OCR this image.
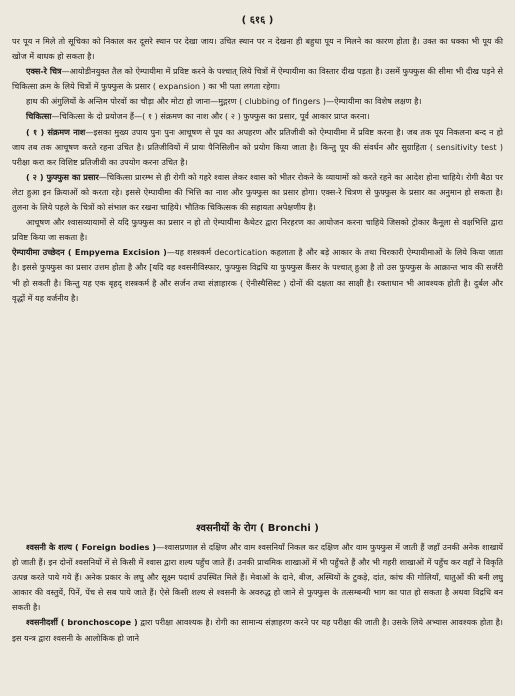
( ६१६ )

पर पूय न मिले तो सूचिका को निकाल कर दूसरे स्थान पर देखा जाय। उचित स्थान पर न देखना ही बहुधा पूय न मिलने का कारण होता है। उक्त का धक्का भी पूय की खोज में बाधक हो सकता है।

एक्स-रे चित्र—आयोडीनयुक्त तैल को ऐम्पायीमा में प्रविष्ट करने के पश्चात् लिये चित्रों में ऐम्पायीमा का विस्तार दीख पड़ता है। उसमें फुफ्फुस की सीमा भी दीख पड़ने से चिकित्सा क्रम के लिये चित्रों में फुफ्फुस के प्रसार ( expansion ) का भी पता लगता रहेगा।

हाथ की अंगुलियों के अन्तिम पोरवों का चौड़ा और मोटा हो जाना—मुद्गरण ( clubbing of fingers )—ऐम्पायीमा का विशेष लक्षण है।

चिकित्सा—चिकित्सा के दो प्रयोजन हैं—( १ ) संक्रमण का नाश और ( २ ) फुफ्फुस का प्रसार, पूर्व आकार प्राप्त करना।

( १ ) संक्रमण नाश—इसका मुख्य उपाय पुनः पुनः आचूषण से पूय का अपहरण और प्रतिजीवी को ऐम्पायीमा में प्रविष्ट करना है। जब तक पूय निकलना बन्द न हो जाय तब तक आचूषण करते रहना उचित है। प्रतिजीवियों में प्रायः पैनिसिलीन को प्रयोग किया जाता है। किन्तु पूय की संवर्धन और सुग्राहिता ( sensitivity test ) परीक्षा करा कर विशिष्ट प्रतिजीवी का उपयोग करना उचित है।

( २ ) फुफ्फुस का प्रसार—चिकित्सा प्रारम्भ से ही रोगी को गहरे श्वास लेकर श्वास को भीतर रोकने के व्यायामों को करते रहने का आदेश होना चाहिये। रोगी बैठा पर लेटा हुआ इन क्रियाओं को करता रहे। इससे ऐम्पायीमा की भित्ति का नाश और फुफ्फुस का प्रसार होगा। एक्स-रे चित्रण से फुफ्फुस के प्रसार का अनुमान हो सकता है। तुलना के लिये पहले के चित्रों को संभाल कर रखना चाहिये। भौतिक चिकित्सक की सहायता अपेक्षणीय है।

आचूषण और श्वासव्यायामों से यदि फुफ्फुस का प्रसार न हो तो ऐम्पायीमा कैथेटर द्वारा निरहरण का आयोजन करना चाहिये जिसको ट्रोकार कैनूला से वक्षभित्ति द्वारा प्रविष्ट किया जा सकता है।

ऐम्पायीमा उच्छेदन ( Empyema Excision )—यह शस्त्रकर्म decortication कहलाता है और बड़े आकार के तथा चिरकारी ऐम्पायीमाओं के लिये किया जाता है। इससे फुफ्फुस का प्रसार उत्तम होता है और [यदि वह श्वसनीविस्फार, फुफ्फुस विद्रधि या फुफ्फुस कैंसर के पश्चात् हुआ है तो उस फुफ्फुस के आक्रान्त भाव की सर्जरी भी हो सकती है। किन्तु यह एक बृहद् शस्त्रकर्म है और सर्जन तथा संज्ञाहारक ( ऐनीस्थैसिस्ट ) दोनों की दक्षता का साक्षी है। रक्ताधान भी आवश्यक होती है। दुर्बल और वृद्धों में यह वर्जनीय है।

श्वसनीयों के रोग ( Bronchi )

श्वसनी के शल्य ( Foreign bodies )—श्वासप्रणाल से दक्षिण और वाम श्वसनियाँ निकल कर दक्षिण और वाम फुफ्फुस में जाती हैं जहाँ उनकी अनेक शाखायें हो जाती हैं। इन दोनों श्वसनियों में से किसी में श्वास द्वारा शल्य पहुँच जाते हैं। उनकी प्राथमिक शाखाओं में भी पहुँचते हैं और भी गहरी शाखाओं में पहुँच कर वहाँ ने विकृति उत्पन्न करते पाये गये हैं। अनेक प्रकार के लघु और सूक्ष्म पदार्थ उपस्थित मिले हैं। मेवाओं के दाने, बीज, अस्थियों के टुकड़े, दांत, कांच की गोलियाँ, धातुओं की बनी लघु आकार की वस्तुयें, पिनें, पेंच से सब पाये जाते हैं। ऐसे किसी शल्य से श्वसनी के अवरुद्ध हो जाने से फुफ्फुस के तत्सम्बन्धी भाग का पात हो सकता है अथवा विद्रधि बन सकती है।

श्वसनीदर्शी ( bronchoscope ) द्वारा परीक्षा आवश्यक है। रोगी का सामान्य संज्ञाहरण करने पर यह परीक्षा की जाती है। उसके लिये अभ्यास आवश्यक होता है। इस यन्त्र द्वारा श्वसनी के आलोकिक हो जाने
